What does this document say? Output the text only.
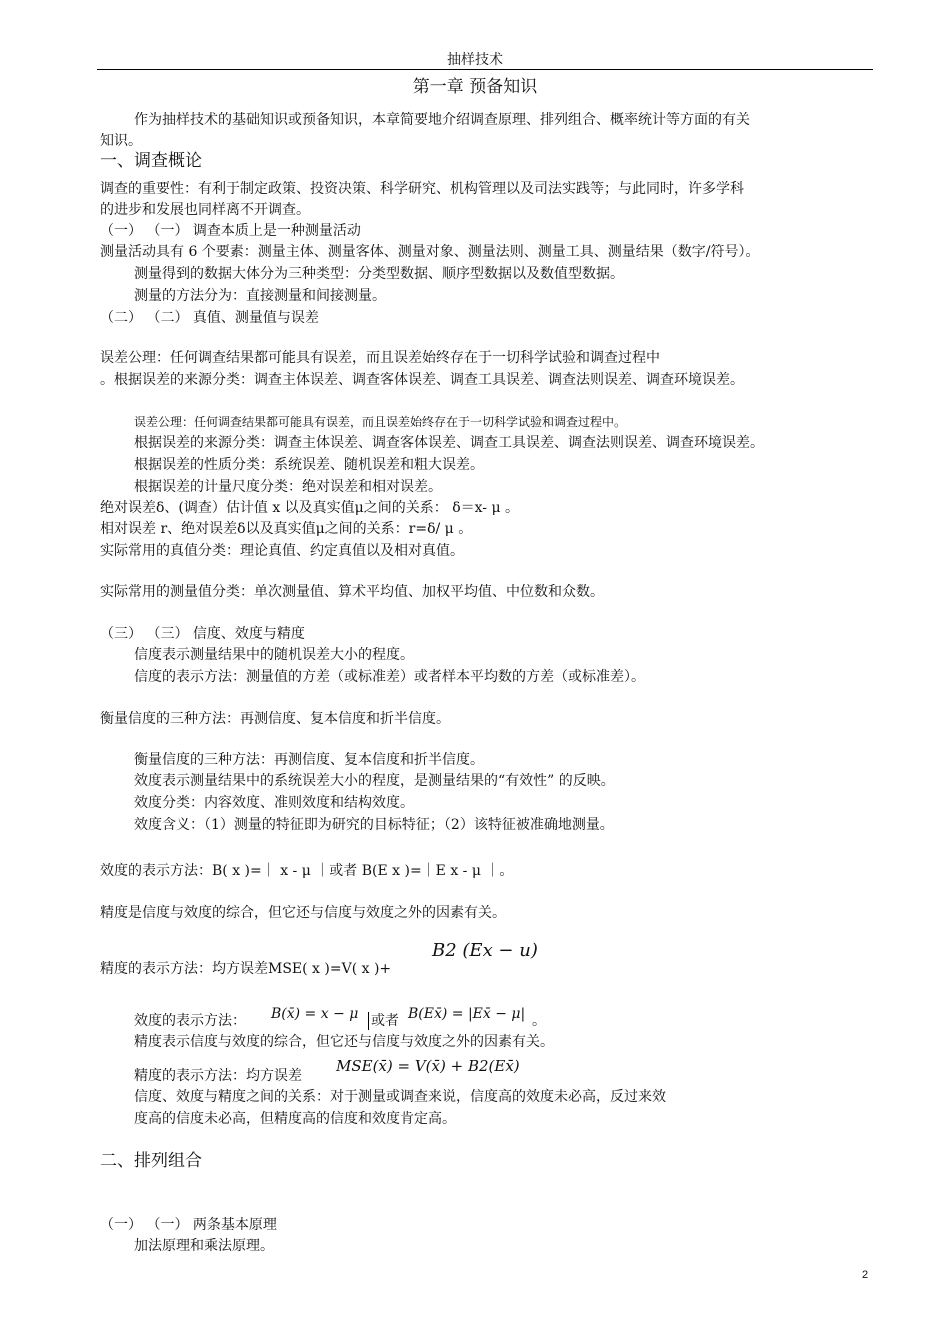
抽样技术
第一章 预备知识
作为抽样技术的基础知识或预备知识，本章简要地介绍调查原理、排列组合、概率统计等方面的有关
知识。
一、调查概论
调查的重要性：有利于制定政策、投资决策、科学研究、机构管理以及司法实践等；与此同时，许多学科
的进步和发展也同样离不开调查。
（一） （一） 调查本质上是一种测量活动
测量活动具有 6 个要素：测量主体、测量客体、测量对象、测量法则、测量工具、测量结果（数字/符号）。
测量得到的数据大体分为三种类型：分类型数据、顺序型数据以及数值型数据。
测量的方法分为：直接测量和间接测量。
（二） （二） 真值、测量值与误差
误差公理：任何调查结果都可能具有误差，而且误差始终存在于一切科学试验和调查过程中
。根据误差的来源分类：调查主体误差、调查客体误差、调查工具误差、调查法则误差、调查环境误差。
误差公理：任何调查结果都可能具有误差，而且误差始终存在于一切科学试验和调查过程中。
根据误差的来源分类：调查主体误差、调查客体误差、调查工具误差、调查法则误差、调查环境误差。
根据误差的性质分类：系统误差、随机误差和粗大误差。
根据误差的计量尺度分类：绝对误差和相对误差。
绝对误差δ、(调查）估计值 x 以及真实值μ之间的关系： δ＝x- μ 。
相对误差 r、绝对误差δ以及真实值μ之间的关系：r=δ/ μ 。
实际常用的真值分类：理论真值、约定真值以及相对真值。
实际常用的测量值分类：单次测量值、算术平均值、加权平均值、中位数和众数。
（三） （三） 信度、效度与精度
信度表示测量结果中的随机误差大小的程度。
信度的表示方法：测量值的方差（或标准差）或者样本平均数的方差（或标准差）。
衡量信度的三种方法：再测信度、复本信度和折半信度。
衡量信度的三种方法：再测信度、复本信度和折半信度。
效度表示测量结果中的系统误差大小的程度，是测量结果的“有效性” 的反映。
效度分类：内容效度、准则效度和结构效度。
效度含义：（1）测量的特征即为研究的目标特征；（2）该特征被准确地测量。
效度的表示方法：B( x )=｜ x - μ ｜或者 B(E x )=｜E x - μ ｜。
精度是信度与效度的综合，但它还与信度与效度之外的因素有关。
精度的表示方法：均方误差MSE( x )=V( x )+
B2 (Ex − u)
效度的表示方法： B(x̄) = x − μ 或者 B(Ex̄) = |Ex̄ − μ| 。
精度表示信度与效度的综合，但它还与信度与效度之外的因素有关。
精度的表示方法：均方误差
MSE(x̄) = V(x̄) + B2(Ex̄)
信度、效度与精度之间的关系：对于测量或调查来说，信度高的效度未必高，反过来效
度高的信度未必高，但精度高的信度和效度肯定高。
二、排列组合
（一） （一） 两条基本原理
加法原理和乘法原理。
2
